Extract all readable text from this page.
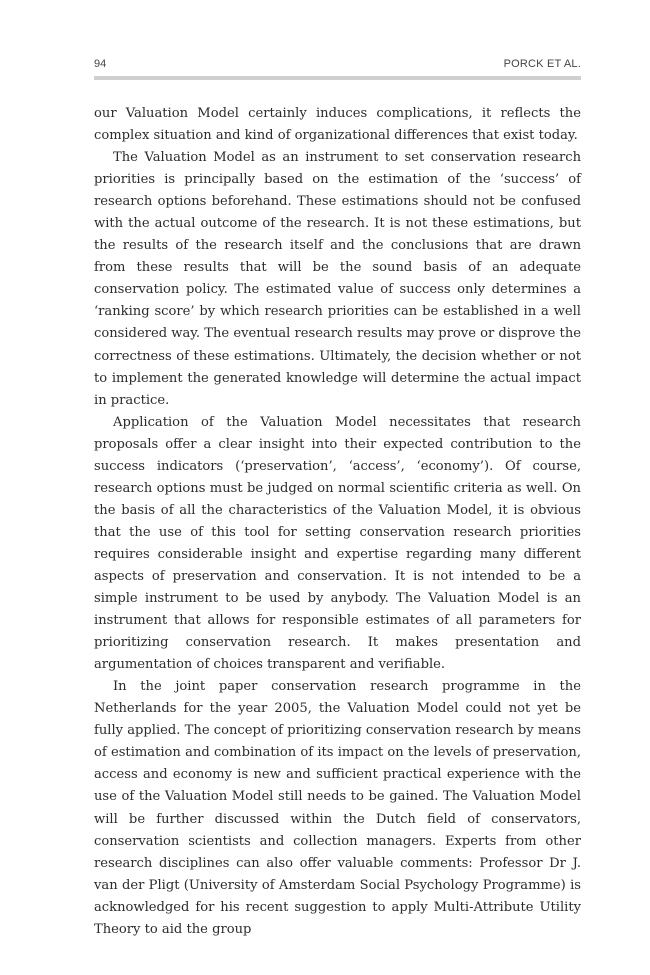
94	PORCK ET AL.

our Valuation Model certainly induces complications, it reflects the complex situation and kind of organizational differences that exist today.

The Valuation Model as an instrument to set conservation research priorities is principally based on the estimation of the ‘success’ of research options beforehand. These estimations should not be confused with the actual outcome of the research. It is not these estimations, but the results of the research itself and the conclusions that are drawn from these results that will be the sound basis of an adequate conservation policy. The estimated value of success only determines a ‘ranking score’ by which research priorities can be established in a well considered way. The eventual research results may prove or disprove the correctness of these estimations. Ultimately, the decision whether or not to implement the generated knowledge will determine the actual impact in practice.

Application of the Valuation Model necessitates that research proposals offer a clear insight into their expected contribution to the success indicators (‘preservation’, ‘access’, ‘economy’). Of course, research options must be judged on normal scientific criteria as well. On the basis of all the characteristics of the Valuation Model, it is obvious that the use of this tool for setting conservation research priorities requires considerable insight and expertise regarding many different aspects of preservation and conservation. It is not intended to be a simple instrument to be used by anybody. The Valuation Model is an instrument that allows for responsible estimates of all parameters for prioritizing conservation research. It makes presentation and argumentation of choices transparent and verifiable.

In the joint paper conservation research programme in the Netherlands for the year 2005, the Valuation Model could not yet be fully applied. The concept of prioritizing conservation research by means of estimation and combination of its impact on the levels of preservation, access and economy is new and sufficient practical experience with the use of the Valuation Model still needs to be gained. The Valuation Model will be further discussed within the Dutch field of conservators, conservation scientists and collection managers. Experts from other research disciplines can also offer valuable comments: Professor Dr J. van der Pligt (University of Amsterdam Social Psychology Programme) is acknowledged for his recent suggestion to apply Multi-Attribute Utility Theory to aid the group
